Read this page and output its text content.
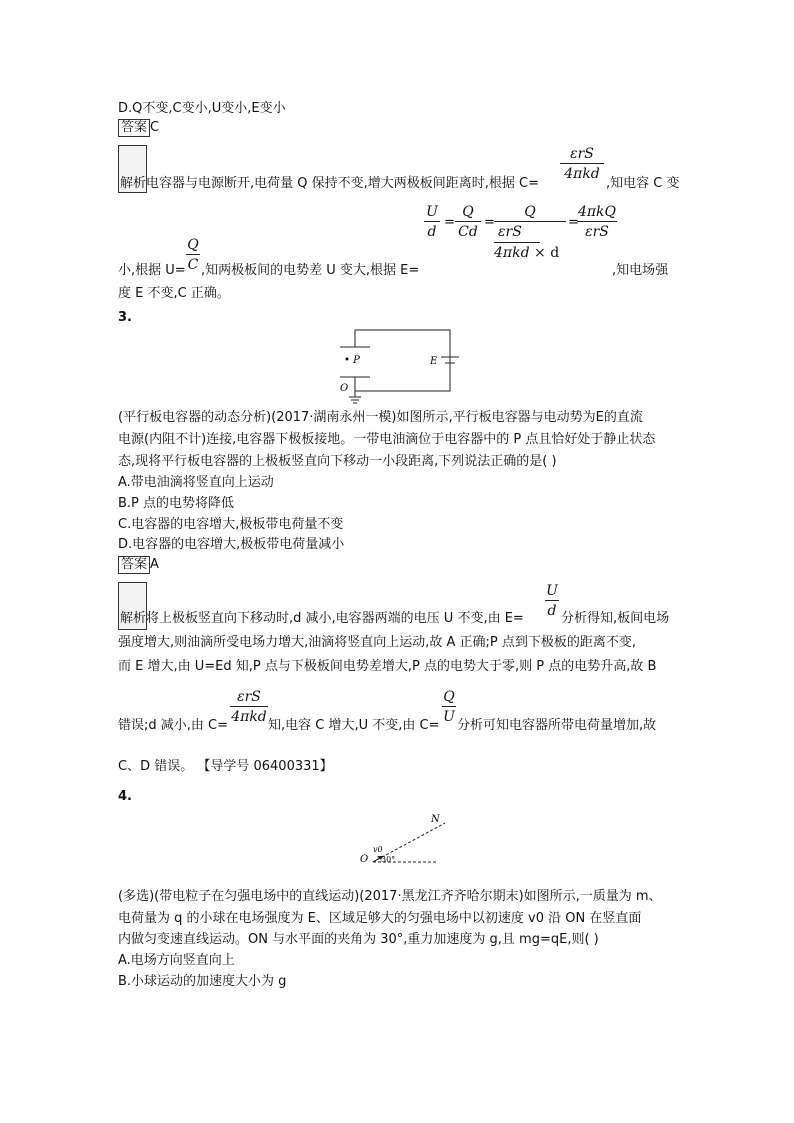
D.Q不变,C变小,U变小,E变小
答案 C
解析电容器与电源断开,电荷量 Q 保持不变,增大两极板间距离时,根据 C=
εrS
4πkd
,知电容 C 变
U
d
=
Q
Cd
=
Q
εrS
4πkd × d
=
4πkQ
εrS
小,根据 U=
Q
C ,知两极板间的电势差 U 变大,根据 E=	,知电场强
度 E 不变,C 正确。
3.
• P	E
O
(平行板电容器的动态分析)(2017·湖南永州一模)如图所示,平行板电容器与电动势为E的直流
电源(内阻不计)连接,电容器下极板接地。一带电油滴位于电容器中的 P 点且恰好处于静止状态
态,现将平行板电容器的上极板竖直向下移动一小段距离,下列说法正确的是( )
A.带电油滴将竖直向上运动
B.P 点的电势将降低
C.电容器的电容增大,极板带电荷量不变
D.电容器的电容增大,极板带电荷量减小
答案 A
解析将上极板竖直向下移动时,d 减小,电容器两端的电压 U 不变,由 E=
U
d 分析得知,板间电场
强度增大,则油滴所受电场力增大,油滴将竖直向上运动,故 A 正确;P 点到下极板的距离不变,
而 E 增大,由 U=Ed 知,P 点与下极板间电势差增大,P 点的电势大于零,则 P 点的电势升高,故 B
错误;d 减小,由 C=
εrS
4πkd
知,电容 C 增大,U 不变,由 C=
Q
U
分析可知电容器所带电荷量增加,故
C、D 错误。 【导学号 06400331】
4.
N
O
v0
30°
(多选)(带电粒子在匀强电场中的直线运动)(2017·黑龙江齐齐哈尔期末)如图所示,一质量为 m、
电荷量为 q 的小球在电场强度为 E、区域足够大的匀强电场中以初速度 v0 沿 ON 在竖直面
内做匀变速直线运动。ON 与水平面的夹角为 30°,重力加速度为 g,且 mg=qE,则( )
A.电场方向竖直向上
B.小球运动的加速度大小为 g
